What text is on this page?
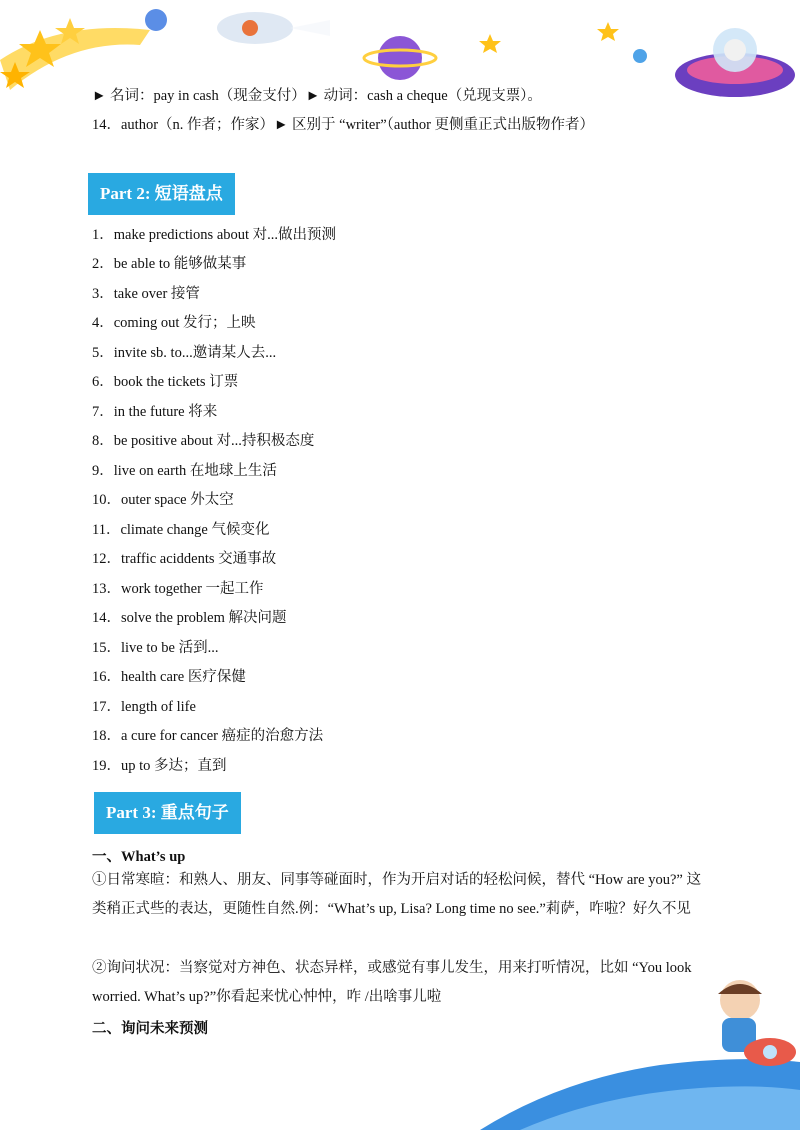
► 名词：pay in cash（现金支付）► 动词：cash a cheque（兑现支票）。
14．author（n. 作者；作家）► 区别于 “writer”（author 更侧重正式出版物作者）
Part 2: 短语盘点
1．make predictions about 对...做出预测
2．be able to 能够做某事
3．take over 接管
4．coming out 发行；上映
5．invite sb. to...邀请某人去...
6．book the tickets 订票
7．in the future 将来
8．be positive about 对...持积极态度
9．live on earth 在地球上生活
10．outer space 外太空
11．climate change 气候变化
12．traffic aciddents 交通事故
13．work together 一起工作
14．solve the problem 解决问题
15．live to be 活到...
16．health care 医疗保健
17．length of life
18．a cure for cancer 癌症的治愈方法
19．up to 多达；直到
Part 3: 重点句子
一、What’s up
①日常寒暄：和熟人、朋友、同事等碰面时，作为开启对话的轻松问候，替代 “How are you?” 这类稍正式些的表达，更随性自然.例：“What’s up, Lisa? Long time no see.”莉萨，咋啦？好久不见
②询问状况：当察觉对方神色、状态异样，或感觉有事儿发生，用来打听情况，比如 “You look worried. What’s up?”你看起来忧心忡忡，咋 /出啥事儿啦
二、询问未来预测
